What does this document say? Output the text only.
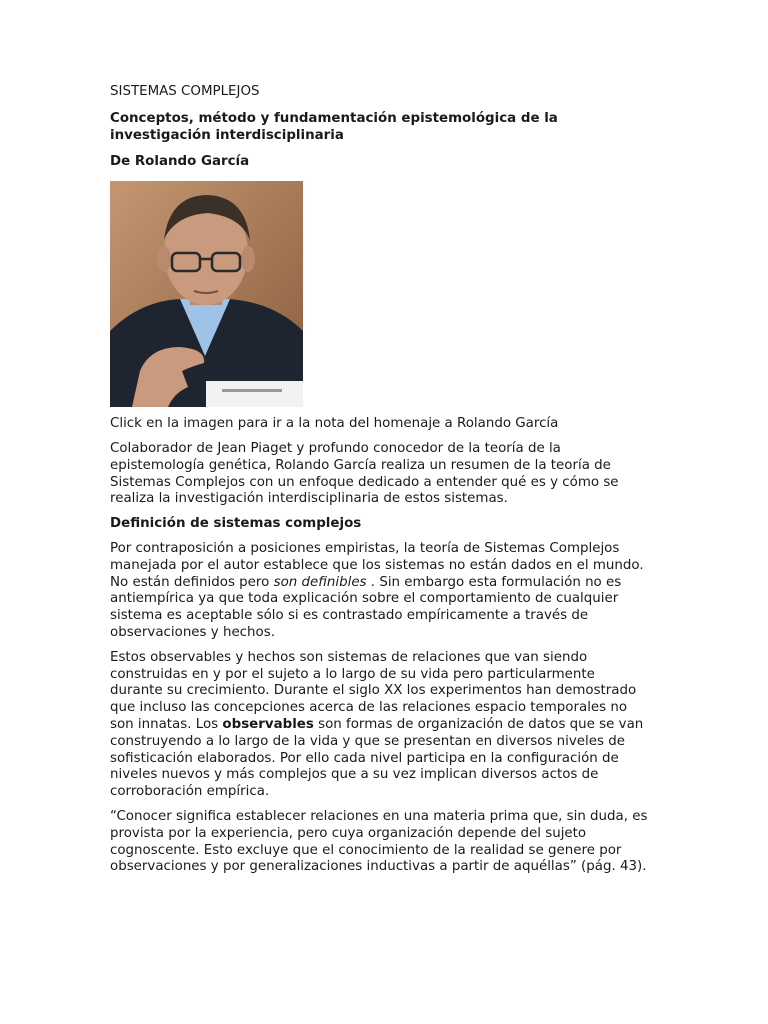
SISTEMAS COMPLEJOS

Conceptos, método y fundamentación epistemológica de la investigación interdisciplinaria

De Rolando García

Click en la imagen para ir a la nota del homenaje a Rolando García

Colaborador de Jean Piaget y profundo conocedor de la teoría de la epistemología genética, Rolando García realiza un resumen de la teoría de Sistemas Complejos con un enfoque dedicado a entender qué es y cómo se realiza la investigación interdisciplinaria de estos sistemas.

Definición de sistemas complejos

Por contraposición a posiciones empiristas, la teoría de Sistemas Complejos manejada por el autor establece que los sistemas no están dados en el mundo. No están definidos pero son definibles . Sin embargo esta formulación no es antiempírica ya que toda explicación sobre el comportamiento de cualquier sistema es aceptable sólo si es contrastado empíricamente a través de observaciones y hechos.

Estos observables y hechos son sistemas de relaciones que van siendo construidas en y por el sujeto a lo largo de su vida pero particularmente durante su crecimiento. Durante el siglo XX los experimentos han demostrado que incluso las concepciones acerca de las relaciones espacio temporales no son innatas. Los observables son formas de organización de datos que se van construyendo a lo largo de la vida y que se presentan en diversos niveles de sofisticación elaborados. Por ello cada nivel participa en la configuración de niveles nuevos y más complejos que a su vez implican diversos actos de corroboración empírica.

“Conocer significa establecer relaciones en una materia prima que, sin duda, es provista por la experiencia, pero cuya organización depende del sujeto cognoscente. Esto excluye que el conocimiento de la realidad se genere por observaciones y por generalizaciones inductivas a partir de aquéllas” (pág. 43).
